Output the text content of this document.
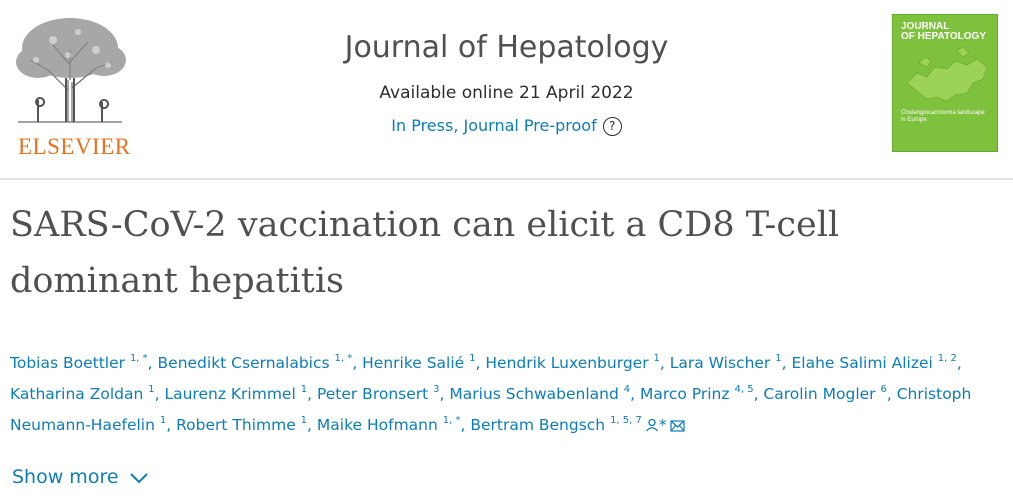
ELSEVIER
Journal of Hepatology
Available online 21 April 2022
In Press, Journal Pre-proof ?
JOURNAL
OF HEPATOLOGY
Cholangiocarcinoma landscape in Europe
SARS-CoV-2 vaccination can elicit a CD8 T-cell
dominant hepatitis
Tobias Boettler $^{1, *}$, Benedikt Csernalabics $^{1, *}$, Henrike Salié $^1$, Hendrik Luxenburger $^1$, Lara Wischer $^1$, Elahe Salimi Alizei $^{1, 2}$, Katharina Zoldan $^1$, Laurenz Krimmel $^1$, Peter Bronsert $^3$, Marius Schwabenland $^4$, Marco Prinz $^{4, 5}$, Carolin Mogler $^6$, Christoph Neumann-Haefelin $^1$, Robert Thimme $^1$, Maike Hofmann $^{1, *}$, Bertram Bengsch $^{1, 5, 7}$ *
Show more
